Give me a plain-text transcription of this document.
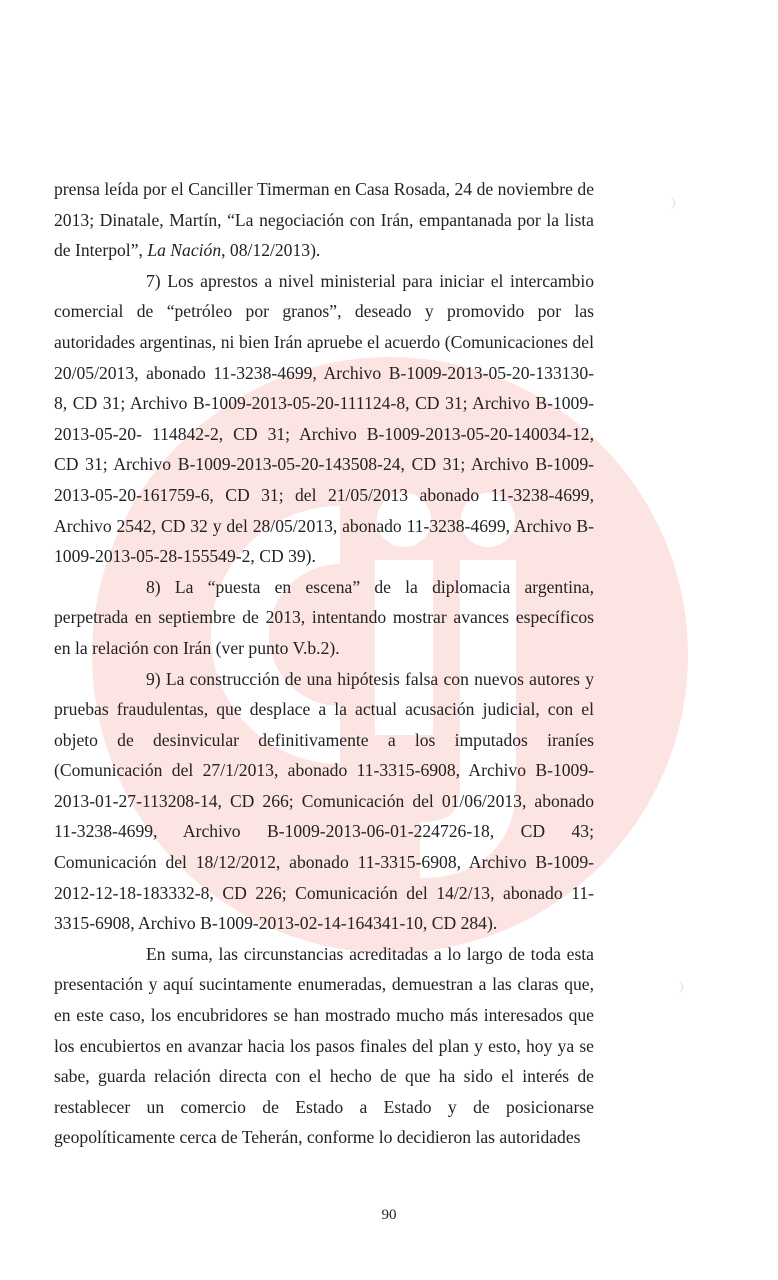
prensa leída por el Canciller Timerman en Casa Rosada, 24 de noviembre de 2013; Dinatale, Martín, “La negociación con Irán, empantanada por la lista de Interpol”, La Nación, 08/12/2013).

7) Los aprestos a nivel ministerial para iniciar el intercambio comercial de “petróleo por granos”, deseado y promovido por las autoridades argentinas, ni bien Irán apruebe el acuerdo (Comunicaciones del 20/05/2013, abonado 11-3238-4699, Archivo B-1009-2013-05-20-133130-8, CD 31; Archivo B-1009-2013-05-20-111124-8, CD 31; Archivo B-1009-2013-05-20- 114842-2, CD 31; Archivo B-1009-2013-05-20-140034-12, CD 31; Archivo B-1009-2013-05-20-143508-24, CD 31; Archivo B-1009-2013-05-20-161759-6, CD 31; del 21/05/2013 abonado 11-3238-4699, Archivo 2542, CD 32 y del 28/05/2013, abonado 11-3238-4699, Archivo B-1009-2013-05-28-155549-2, CD 39).

8) La “puesta en escena” de la diplomacia argentina, perpetrada en septiembre de 2013, intentando mostrar avances específicos en la relación con Irán (ver punto V.b.2).

9) La construcción de una hipótesis falsa con nuevos autores y pruebas fraudulentas, que desplace a la actual acusación judicial, con el objeto de desinvicular definitivamente a los imputados iraníes (Comunicación del 27/1/2013, abonado 11-3315-6908, Archivo B-1009-2013-01-27-113208-14, CD 266; Comunicación del 01/06/2013, abonado 11-3238-4699, Archivo B-1009-2013-06-01-224726-18, CD 43; Comunicación del 18/12/2012, abonado 11-3315-6908, Archivo B-1009-2012-12-18-183332-8, CD 226; Comunicación del 14/2/13, abonado 11-3315-6908, Archivo B-1009-2013-02-14-164341-10, CD 284).

En suma, las circunstancias acreditadas a lo largo de toda esta presentación y aquí sucintamente enumeradas, demuestran a las claras que, en este caso, los encubridores se han mostrado mucho más interesados que los encubiertos en avanzar hacia los pasos finales del plan y esto, hoy ya se sabe, guarda relación directa con el hecho de que ha sido el interés de restablecer un comercio de Estado a Estado y de posicionarse geopolíticamente cerca de Teherán, conforme lo decidieron las autoridades

90
